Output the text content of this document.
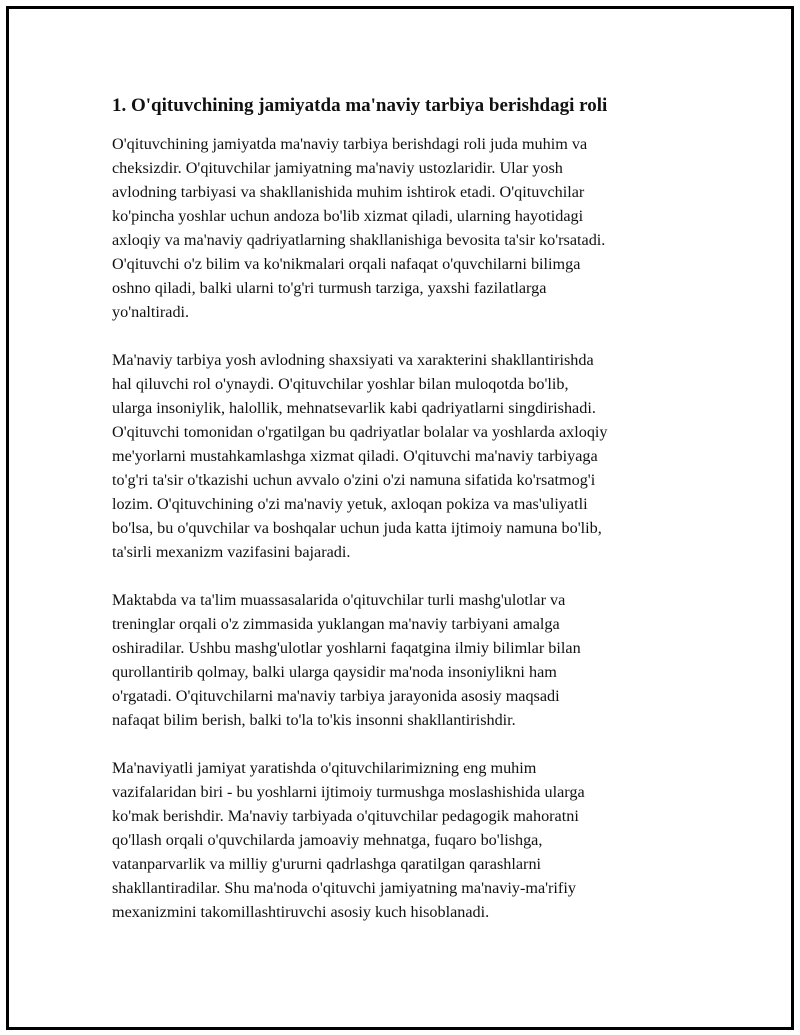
1. O'qituvchining jamiyatda ma'naviy tarbiya berishdagi roli
O'qituvchining jamiyatda ma'naviy tarbiya berishdagi roli juda muhim va
cheksizdir. O'qituvchilar jamiyatning ma'naviy ustozlaridir. Ular yosh
avlodning tarbiyasi va shakllanishida muhim ishtirok etadi. O'qituvchilar
ko'pincha yoshlar uchun andoza bo'lib xizmat qiladi, ularning hayotidagi
axloqiy va ma'naviy qadriyatlarning shakllanishiga bevosita ta'sir ko'rsatadi.
O'qituvchi o'z bilim va ko'nikmalari orqali nafaqat o'quvchilarni bilimga
oshno qiladi, balki ularni to'g'ri turmush tarziga, yaxshi fazilatlarga
yo'naltiradi.
Ma'naviy tarbiya yosh avlodning shaxsiyati va xarakterini shakllantirishda
hal qiluvchi rol o'ynaydi. O'qituvchilar yoshlar bilan muloqotda bo'lib,
ularga insoniylik, halollik, mehnatsevarlik kabi qadriyatlarni singdirishadi.
O'qituvchi tomonidan o'rgatilgan bu qadriyatlar bolalar va yoshlarda axloqiy
me'yorlarni mustahkamlashga xizmat qiladi. O'qituvchi ma'naviy tarbiyaga
to'g'ri ta'sir o'tkazishi uchun avvalo o'zini o'zi namuna sifatida ko'rsatmog'i
lozim. O'qituvchining o'zi ma'naviy yetuk, axloqan pokiza va mas'uliyatli
bo'lsa, bu o'quvchilar va boshqalar uchun juda katta ijtimoiy namuna bo'lib,
ta'sirli mexanizm vazifasini bajaradi.
Maktabda va ta'lim muassasalarida o'qituvchilar turli mashg'ulotlar va
treninglar orqali o'z zimmasida yuklangan ma'naviy tarbiyani amalga
oshiradilar. Ushbu mashg'ulotlar yoshlarni faqatgina ilmiy bilimlar bilan
qurollantirib qolmay, balki ularga qaysidir ma'noda insoniylikni ham
o'rgatadi. O'qituvchilarni ma'naviy tarbiya jarayonida asosiy maqsadi
nafaqat bilim berish, balki to'la to'kis insonni shakllantirishdir.
Ma'naviyatli jamiyat yaratishda o'qituvchilarimizning eng muhim
vazifalaridan biri - bu yoshlarni ijtimoiy turmushga moslashishida ularga
ko'mak berishdir. Ma'naviy tarbiyada o'qituvchilar pedagogik mahoratni
qo'llash orqali o'quvchilarda jamoaviy mehnatga, fuqaro bo'lishga,
vatanparvarlik va milliy g'ururni qadrlashga qaratilgan qarashlarni
shakllantiradilar. Shu ma'noda o'qituvchi jamiyatning ma'naviy-ma'rifiy
mexanizmini takomillashtiruvchi asosiy kuch hisoblanadi.
